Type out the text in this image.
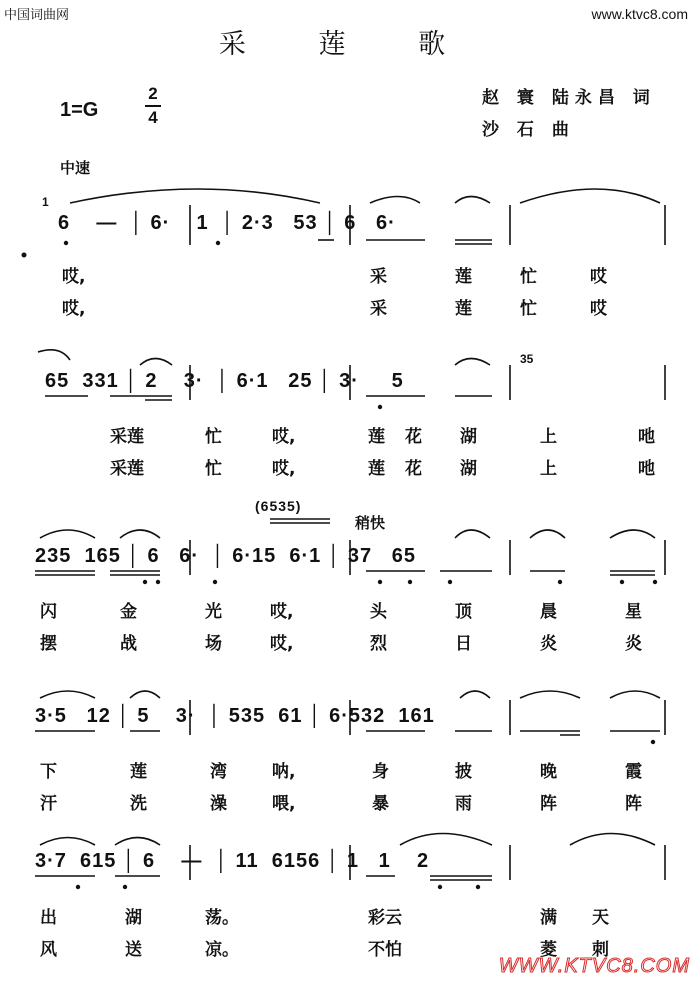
中国词曲网	www.ktvc8.com
采 莲 歌
1=G
2
4
赵 寰 陆永昌 词
沙 石 曲
中速
1
6    —  │ 6·    1  │ 2·3   53 │ 6   6·
哎,	采	莲	忙	哎
哎,	采	莲	忙	哎
35
65  331 │ 2    3·  │ 6·1   25 │ 3·     5
采莲	忙	哎,	莲 花 湖	上	吔
采莲	忙	哎,	莲 花 湖	上	吔
(6535)
稍快
235  165 │ 6   6·  │ 6·15  6·1 │ 37   65
闪	金	光	哎,	头	顶	晨	星
摆	战	场	哎,	烈	日	炎	炎
3·5   12 │ 5    3·  │ 535  61 │ 6·532  161
下	莲	湾	呐,	身	披	晚	霞
汗	洗	澡	喂,	暴	雨	阵	阵
3·7  615 │ 6    —  │ 11  6156 │ 1   1    2
出	湖	荡。	彩云	满 天
风	送	凉。	不怕	菱 刺
WWW.KTVC8.COM
